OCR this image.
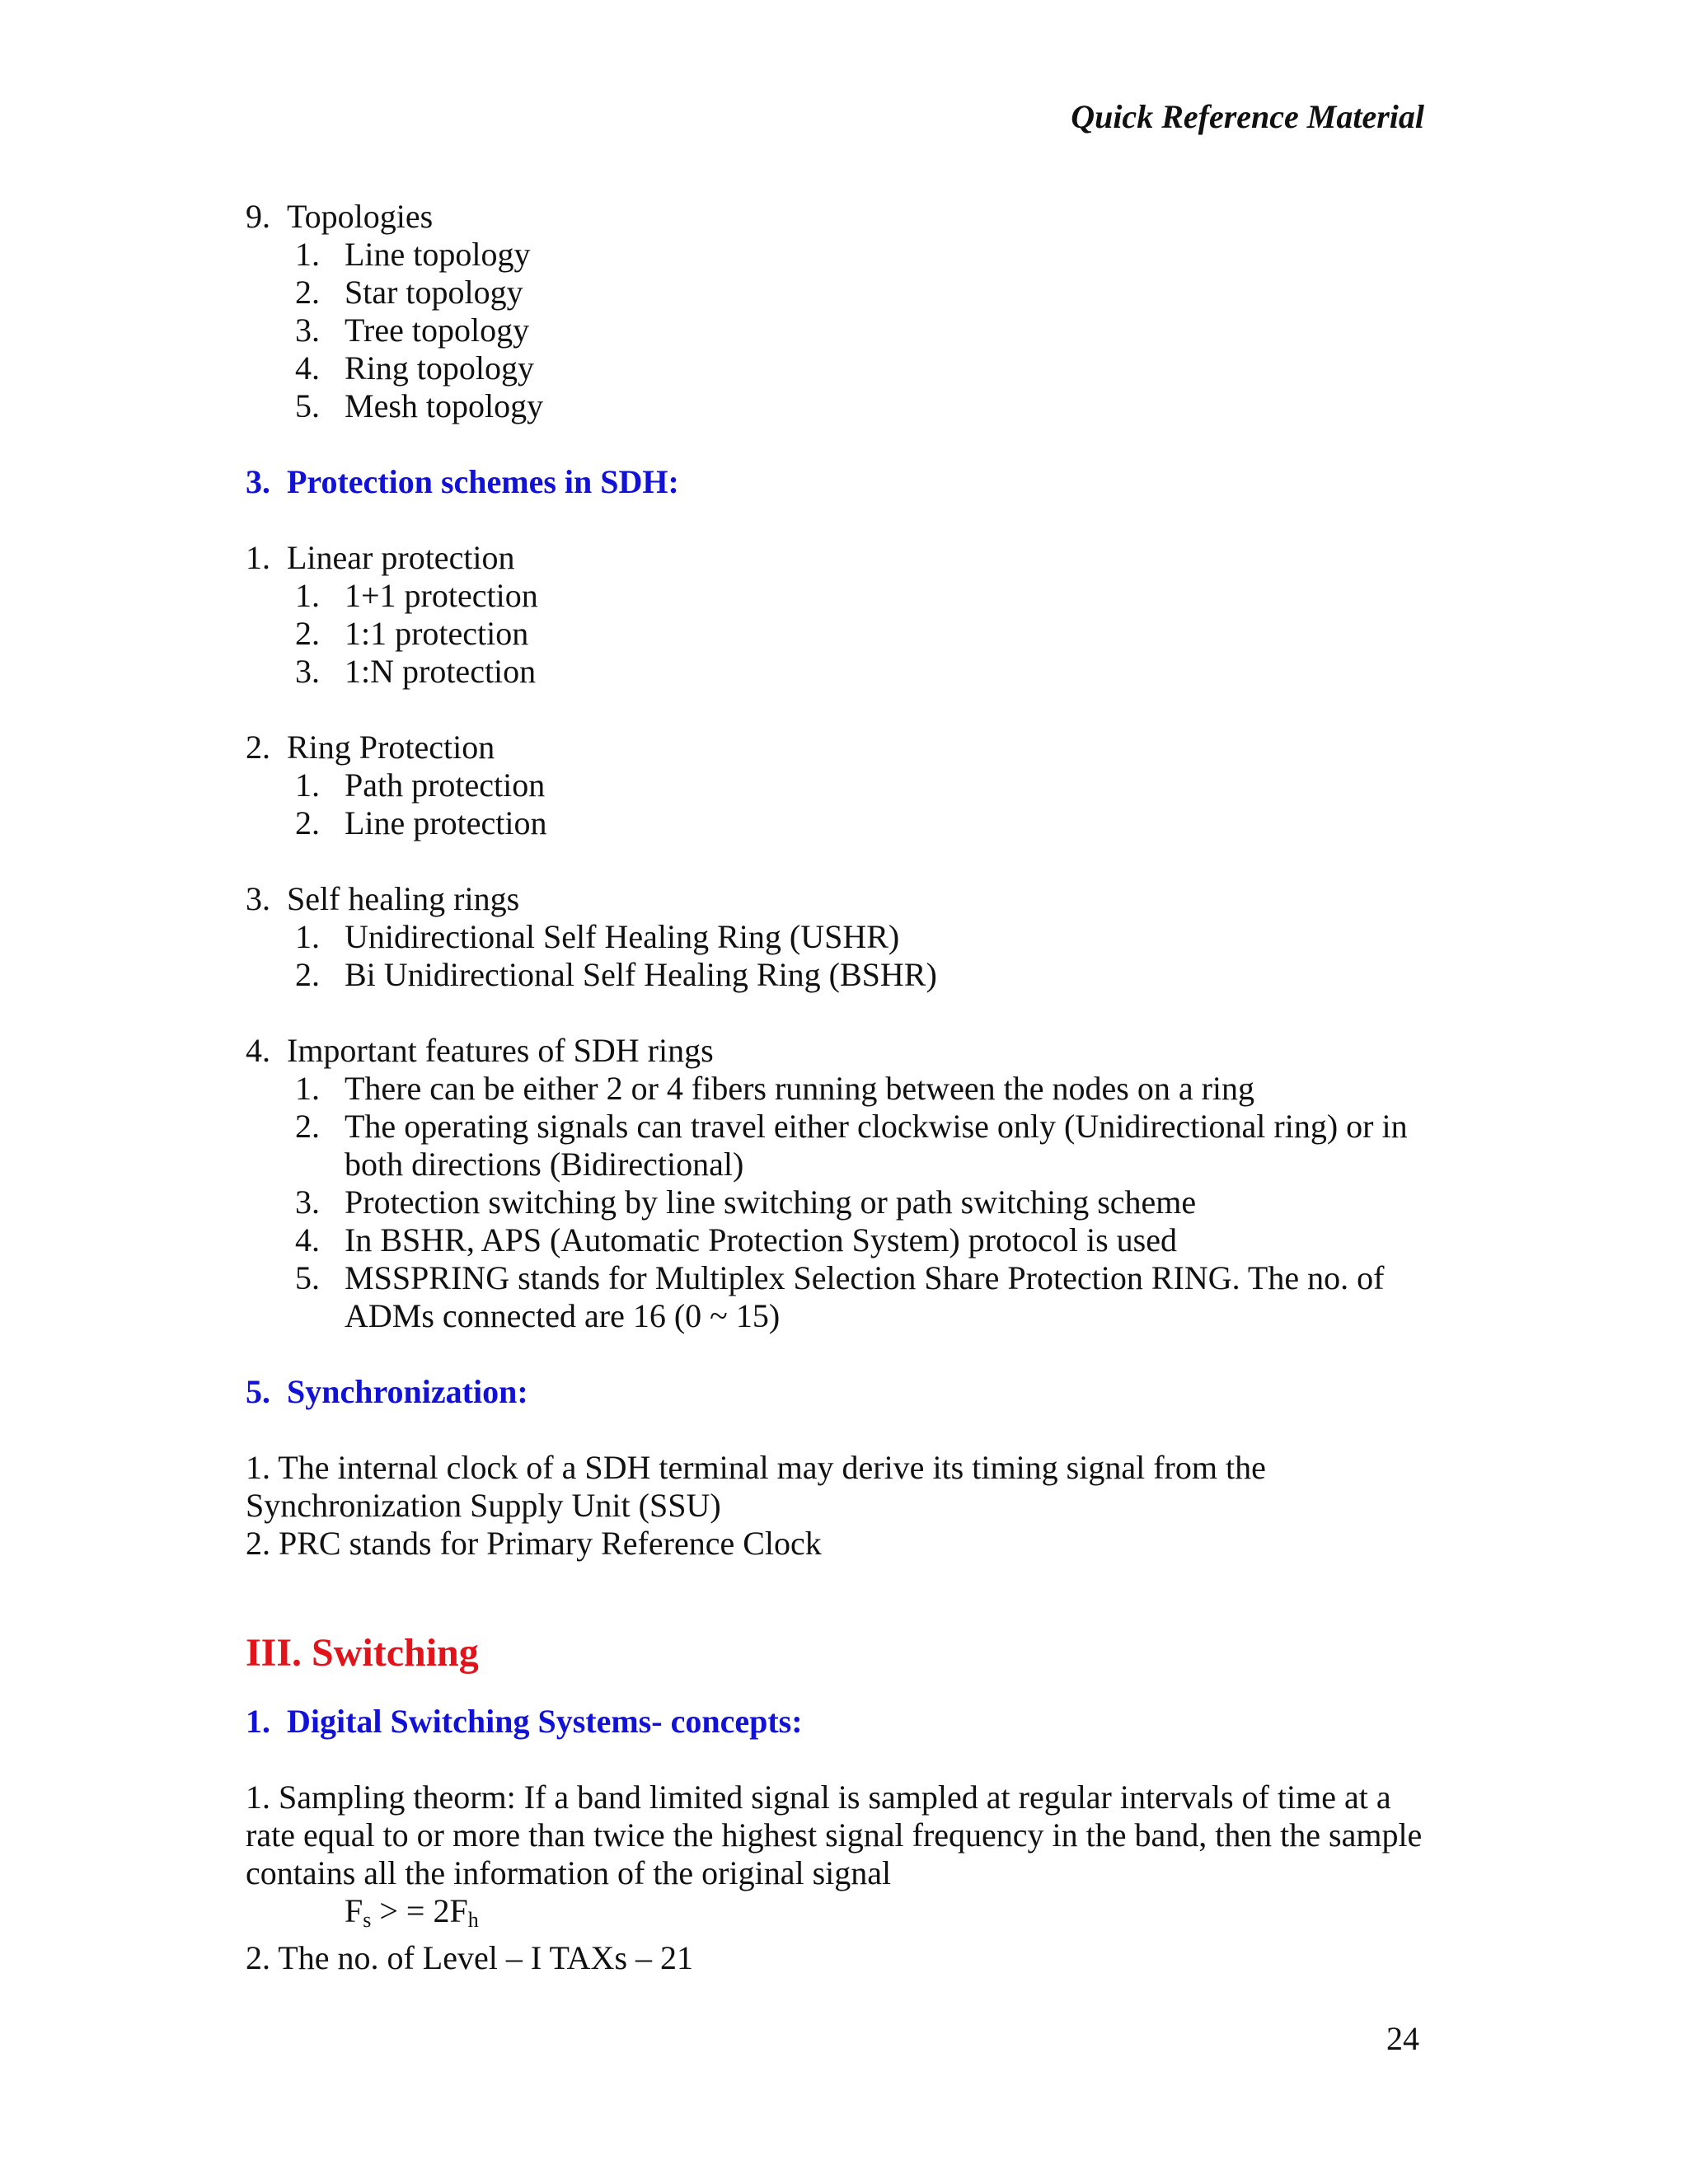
Quick Reference Material
9. Topologies
1. Line topology
2. Star topology
3. Tree topology
4. Ring topology
5. Mesh topology
3. Protection schemes in SDH:
1. Linear protection
1. 1+1 protection
2. 1:1 protection
3. 1:N protection
2. Ring Protection
1. Path protection
2. Line protection
3. Self healing rings
1. Unidirectional Self Healing Ring (USHR)
2. Bi Unidirectional Self Healing Ring (BSHR)
4. Important features of SDH rings
1. There can be either 2 or 4 fibers running between the nodes on a ring
2. The operating signals can travel either clockwise only (Unidirectional ring) or in both directions (Bidirectional)
3. Protection switching by line switching or path switching scheme
4. In BSHR, APS (Automatic Protection System) protocol is used
5. MSSPRING stands for Multiplex Selection Share Protection RING. The no. of ADMs connected are 16 (0 ~ 15)
5. Synchronization:
1. The internal clock of a SDH terminal may derive its timing signal from the Synchronization Supply Unit (SSU)
2. PRC stands for Primary Reference Clock
III. Switching
1. Digital Switching Systems- concepts:
1. Sampling theorm: If a band limited signal is sampled at regular intervals of time at a rate equal to or more than twice the highest signal frequency in the band, then the sample contains all the information of the original signal
$F_s$ > = $2F_h$
2. The no. of Level – I TAXs – 21
24
